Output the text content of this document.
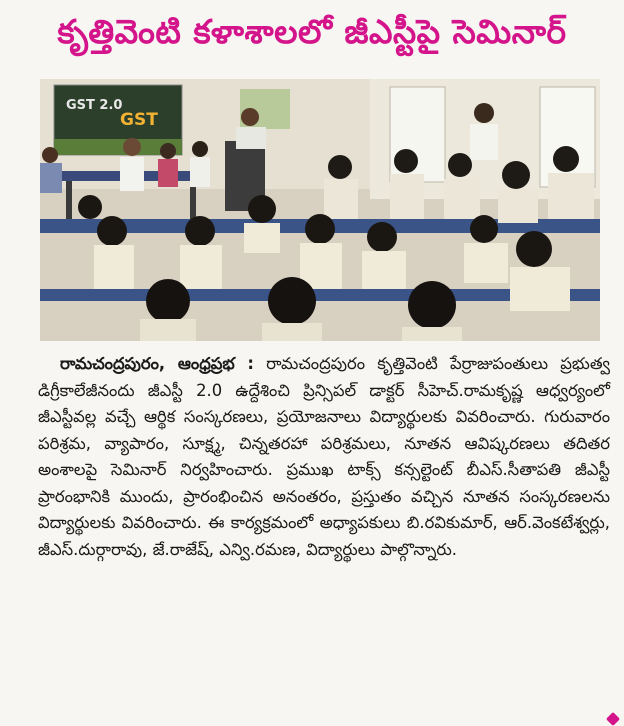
కృత్తివెంటి కళాశాలలో జీఎస్టీపై సెమినార్
GST 2.0
GST

రామచంద్రపురం, ఆంధ్రప్రభ : రామచంద్రపురం కృత్తివెంటి పేర్రాజుపంతులు ప్రభుత్వ డిగ్రీకాలేజీనందు జీఎస్టీ 2.0 ఉద్దేశించి ప్రిన్సిపల్ డాక్టర్ సీహెచ్.రామకృష్ణ ఆధ్వర్యంలో జీఎస్టీవల్ల వచ్చే ఆర్థిక సంస్కరణలు, ప్రయోజనాలు విద్యార్థులకు వివరించారు. గురువారం పరిశ్రమ, వ్యాపారం, సూక్ష్మ, చిన్నతరహా పరిశ్రమలు, నూతన ఆవిష్కరణలు తదితర అంశాలపై సెమినార్ నిర్వహించారు. ప్రముఖ టాక్స్ కన్సల్టెంట్ బీఎస్.సీతాపతి జీఎస్టీ ప్రారంభానికి ముందు, ప్రారంభించిన అనంతరం, ప్రస్తుతం వచ్చిన నూతన సంస్కరణలను విద్యార్థులకు వివరించారు. ఈ కార్యక్రమంలో అధ్యాపకులు బి.రవికుమార్, ఆర్.వెంకటేశ్వర్లు, జీఎస్.దుర్గారావు, జే.రాజేష్, ఎన్వి.రమణ, విద్యార్థులు పాల్గొన్నారు.
